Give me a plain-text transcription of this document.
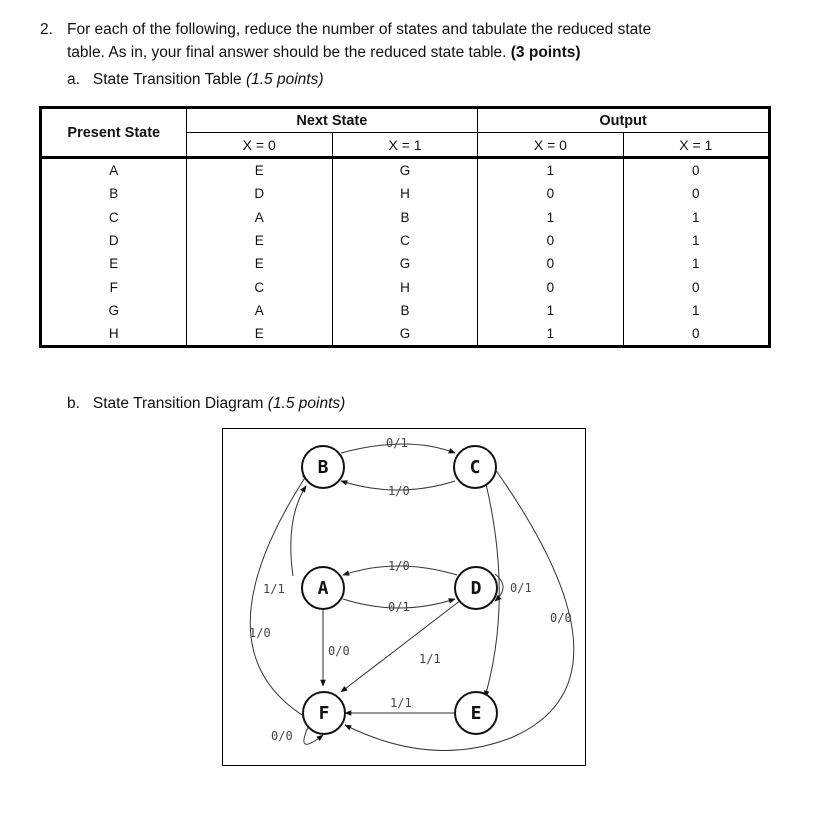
2. For each of the following, reduce the number of states and tabulate the reduced state
table. As in, your final answer should be the reduced state table. (3 points)
a. State Transition Table (1.5 points)
Present State	Next State		Output	
	X = 0	X = 1	X = 0	X = 1
A	E	G	1	0
B	D	H	0	0
C	A	B	1	1
D	E	C	0	1
E	E	G	0	1
F	C	H	0	0
G	A	B	1	1
H	E	G	1	0
b. State Transition Diagram (1.5 points)
B	C
A	D
F	E
0/1
1/0
1/0
0/1
1/1
1/0
0/0
1/1
1/1
0/0
0/1
0/0
